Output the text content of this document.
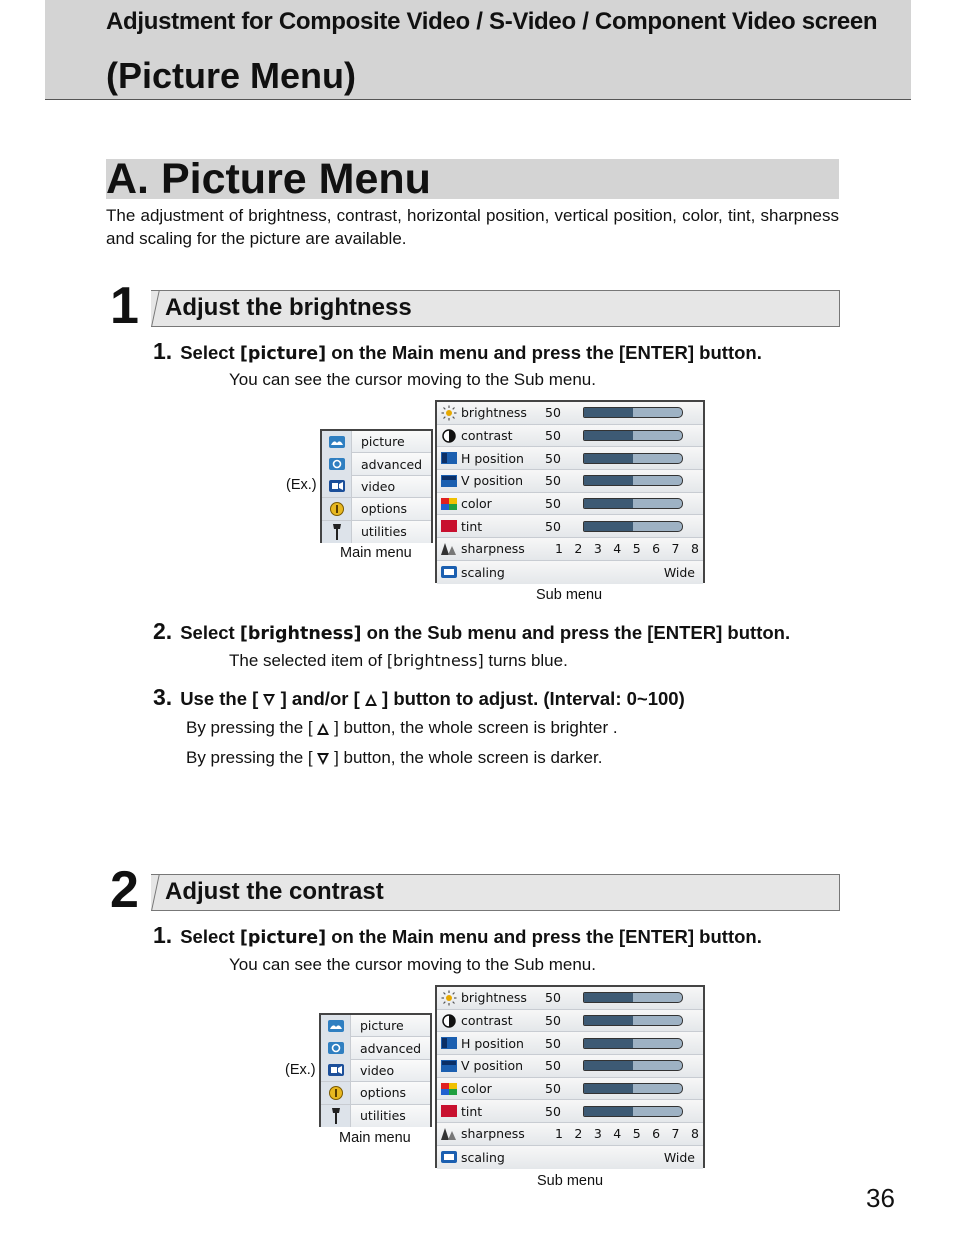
Adjustment for Composite Video / S-Video / Component Video screen
(Picture Menu)
A. Picture Menu
The adjustment of brightness, contrast, horizontal position, vertical position, color, tint, sharpness and scaling for the picture are available.
1 Adjust the brightness
1. Select [picture] on the Main menu and press the [ENTER] button.
You can see the cursor moving to the Sub menu.
(Ex.)
picture
advanced
video
options
utilities
Main menu
brightness	50
contrast	50
H position	50
V position	50
color	50
tint	50
sharpness	1 2 3 4 5 6 7 8
scaling	Wide
Sub menu
2. Select [brightness] on the Sub menu and press the [ENTER] button.
The selected item of [brightness] turns blue.
3. Use the [  ] and/or [  ] button to adjust. (Interval: 0~100)
By pressing the [  ] button, the whole screen is brighter .
By pressing the [  ] button, the whole screen is darker.
2 Adjust the contrast
1. Select [picture] on the Main menu and press the [ENTER] button.
You can see the cursor moving to the Sub menu.
(Ex.)
picture
advanced
video
options
utilities
Main menu
brightness	50
contrast	50
H position	50
V position	50
color	50
tint	50
sharpness	1 2 3 4 5 6 7 8
scaling	Wide
Sub menu
36
